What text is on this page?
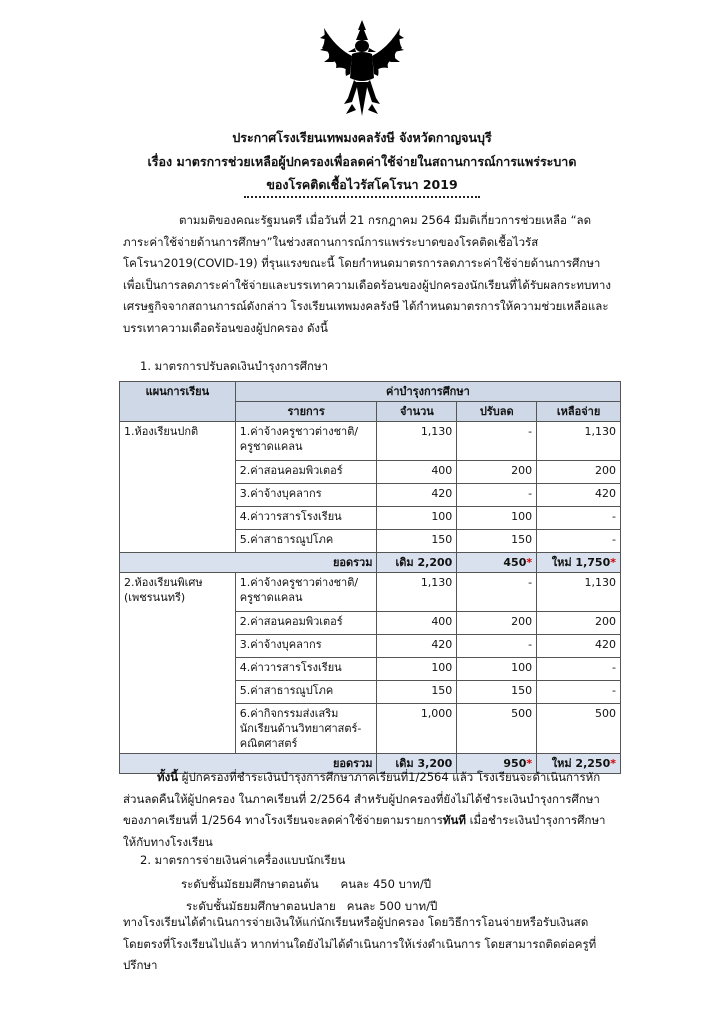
ประกาศโรงเรียนเทพมงคลรังษี จังหวัดกาญจนบุรี
เรื่อง มาตรการช่วยเหลือผู้ปกครองเพื่อลดค่าใช้จ่ายในสถานการณ์การแพร่ระบาด
ของโรคติดเชื้อไวรัสโคโรนา 2019
ตามมติของคณะรัฐมนตรี เมื่อวันที่ 21 กรกฎาคม 2564 มีมติเกี่ยวการช่วยเหลือ “ลดภาระค่าใช้จ่ายด้านการศึกษา”ในช่วงสถานการณ์การแพร่ระบาดของโรคติดเชื้อไวรัสโคโรนา2019(COVID-19) ที่รุนแรงขณะนี้ โดยกำหนดมาตรการลดภาระค่าใช้จ่ายด้านการศึกษา เพื่อเป็นการลดภาระค่าใช้จ่ายและบรรเทาความเดือดร้อนของผู้ปกครองนักเรียนที่ได้รับผลกระทบทางเศรษฐกิจจากสถานการณ์ดังกล่าว โรงเรียนเทพมงคลรังษี ได้กำหนดมาตรการให้ความช่วยเหลือและบรรเทาความเดือดร้อนของผู้ปกครอง ดังนี้
1. มาตรการปรับลดเงินบำรุงการศึกษา
แผนการเรียน	ค่าบำรุงการศึกษา			
	รายการ	จำนวน	ปรับลด	เหลือจ่าย
1.ห้องเรียนปกติ	1.ค่าจ้างครูชาวต่างชาติ/ ครูชาดแคลน	1,130	-	1,130
	2.ค่าสอนคอมพิวเตอร์	400	200	200
	3.ค่าจ้างบุคลากร	420	-	420
	4.ค่าวารสารโรงเรียน	100	100	-
	5.ค่าสาธารณูปโภค	150	150	-
ยอดรวม		เดิม 2,200	450*	ใหม่ 1,750*
2.ห้องเรียนพิเศษ (เพชรนนทรี)	1.ค่าจ้างครูชาวต่างชาติ/ ครูชาดแคลน	1,130	-	1,130
	2.ค่าสอนคอมพิวเตอร์	400	200	200
	3.ค่าจ้างบุคลากร	420	-	420
	4.ค่าวารสารโรงเรียน	100	100	-
	5.ค่าสาธารณูปโภค	150	150	-
	6.ค่ากิจกรรมส่งเสริมนักเรียนด้านวิทยาศาสตร์-คณิตศาสตร์	1,000	500	500
ยอดรวม		เดิม 3,200	950*	ใหม่ 2,250*
ทั้งนี้ ผู้ปกครองที่ชำระเงินบำรุงการศึกษาภาคเรียนที่1/2564 แล้ว โรงเรียนจะดำเนินการหักส่วนลดคืนให้ผู้ปกครอง ในภาคเรียนที่ 2/2564 สำหรับผู้ปกครองที่ยังไม่ได้ชำระเงินบำรุงการศึกษาของภาคเรียนที่ 1/2564 ทางโรงเรียนจะลดค่าใช้จ่ายตามรายการทันที เมื่อชำระเงินบำรุงการศึกษาให้กับทางโรงเรียน
2. มาตรการจ่ายเงินค่าเครื่องแบบนักเรียน
ระดับชั้นมัธยมศึกษาตอนต้น คนละ 450 บาท/ปี
ระดับชั้นมัธยมศึกษาตอนปลาย คนละ 500 บาท/ปี
ทางโรงเรียนได้ดำเนินการจ่ายเงินให้แก่นักเรียนหรือผู้ปกครอง โดยวิธีการโอนจ่ายหรือรับเงินสดโดยตรงที่โรงเรียนไปแล้ว หากท่านใดยังไม่ได้ดำเนินการให้เร่งดำเนินการ โดยสามารถติดต่อครูที่ปรึกษา
